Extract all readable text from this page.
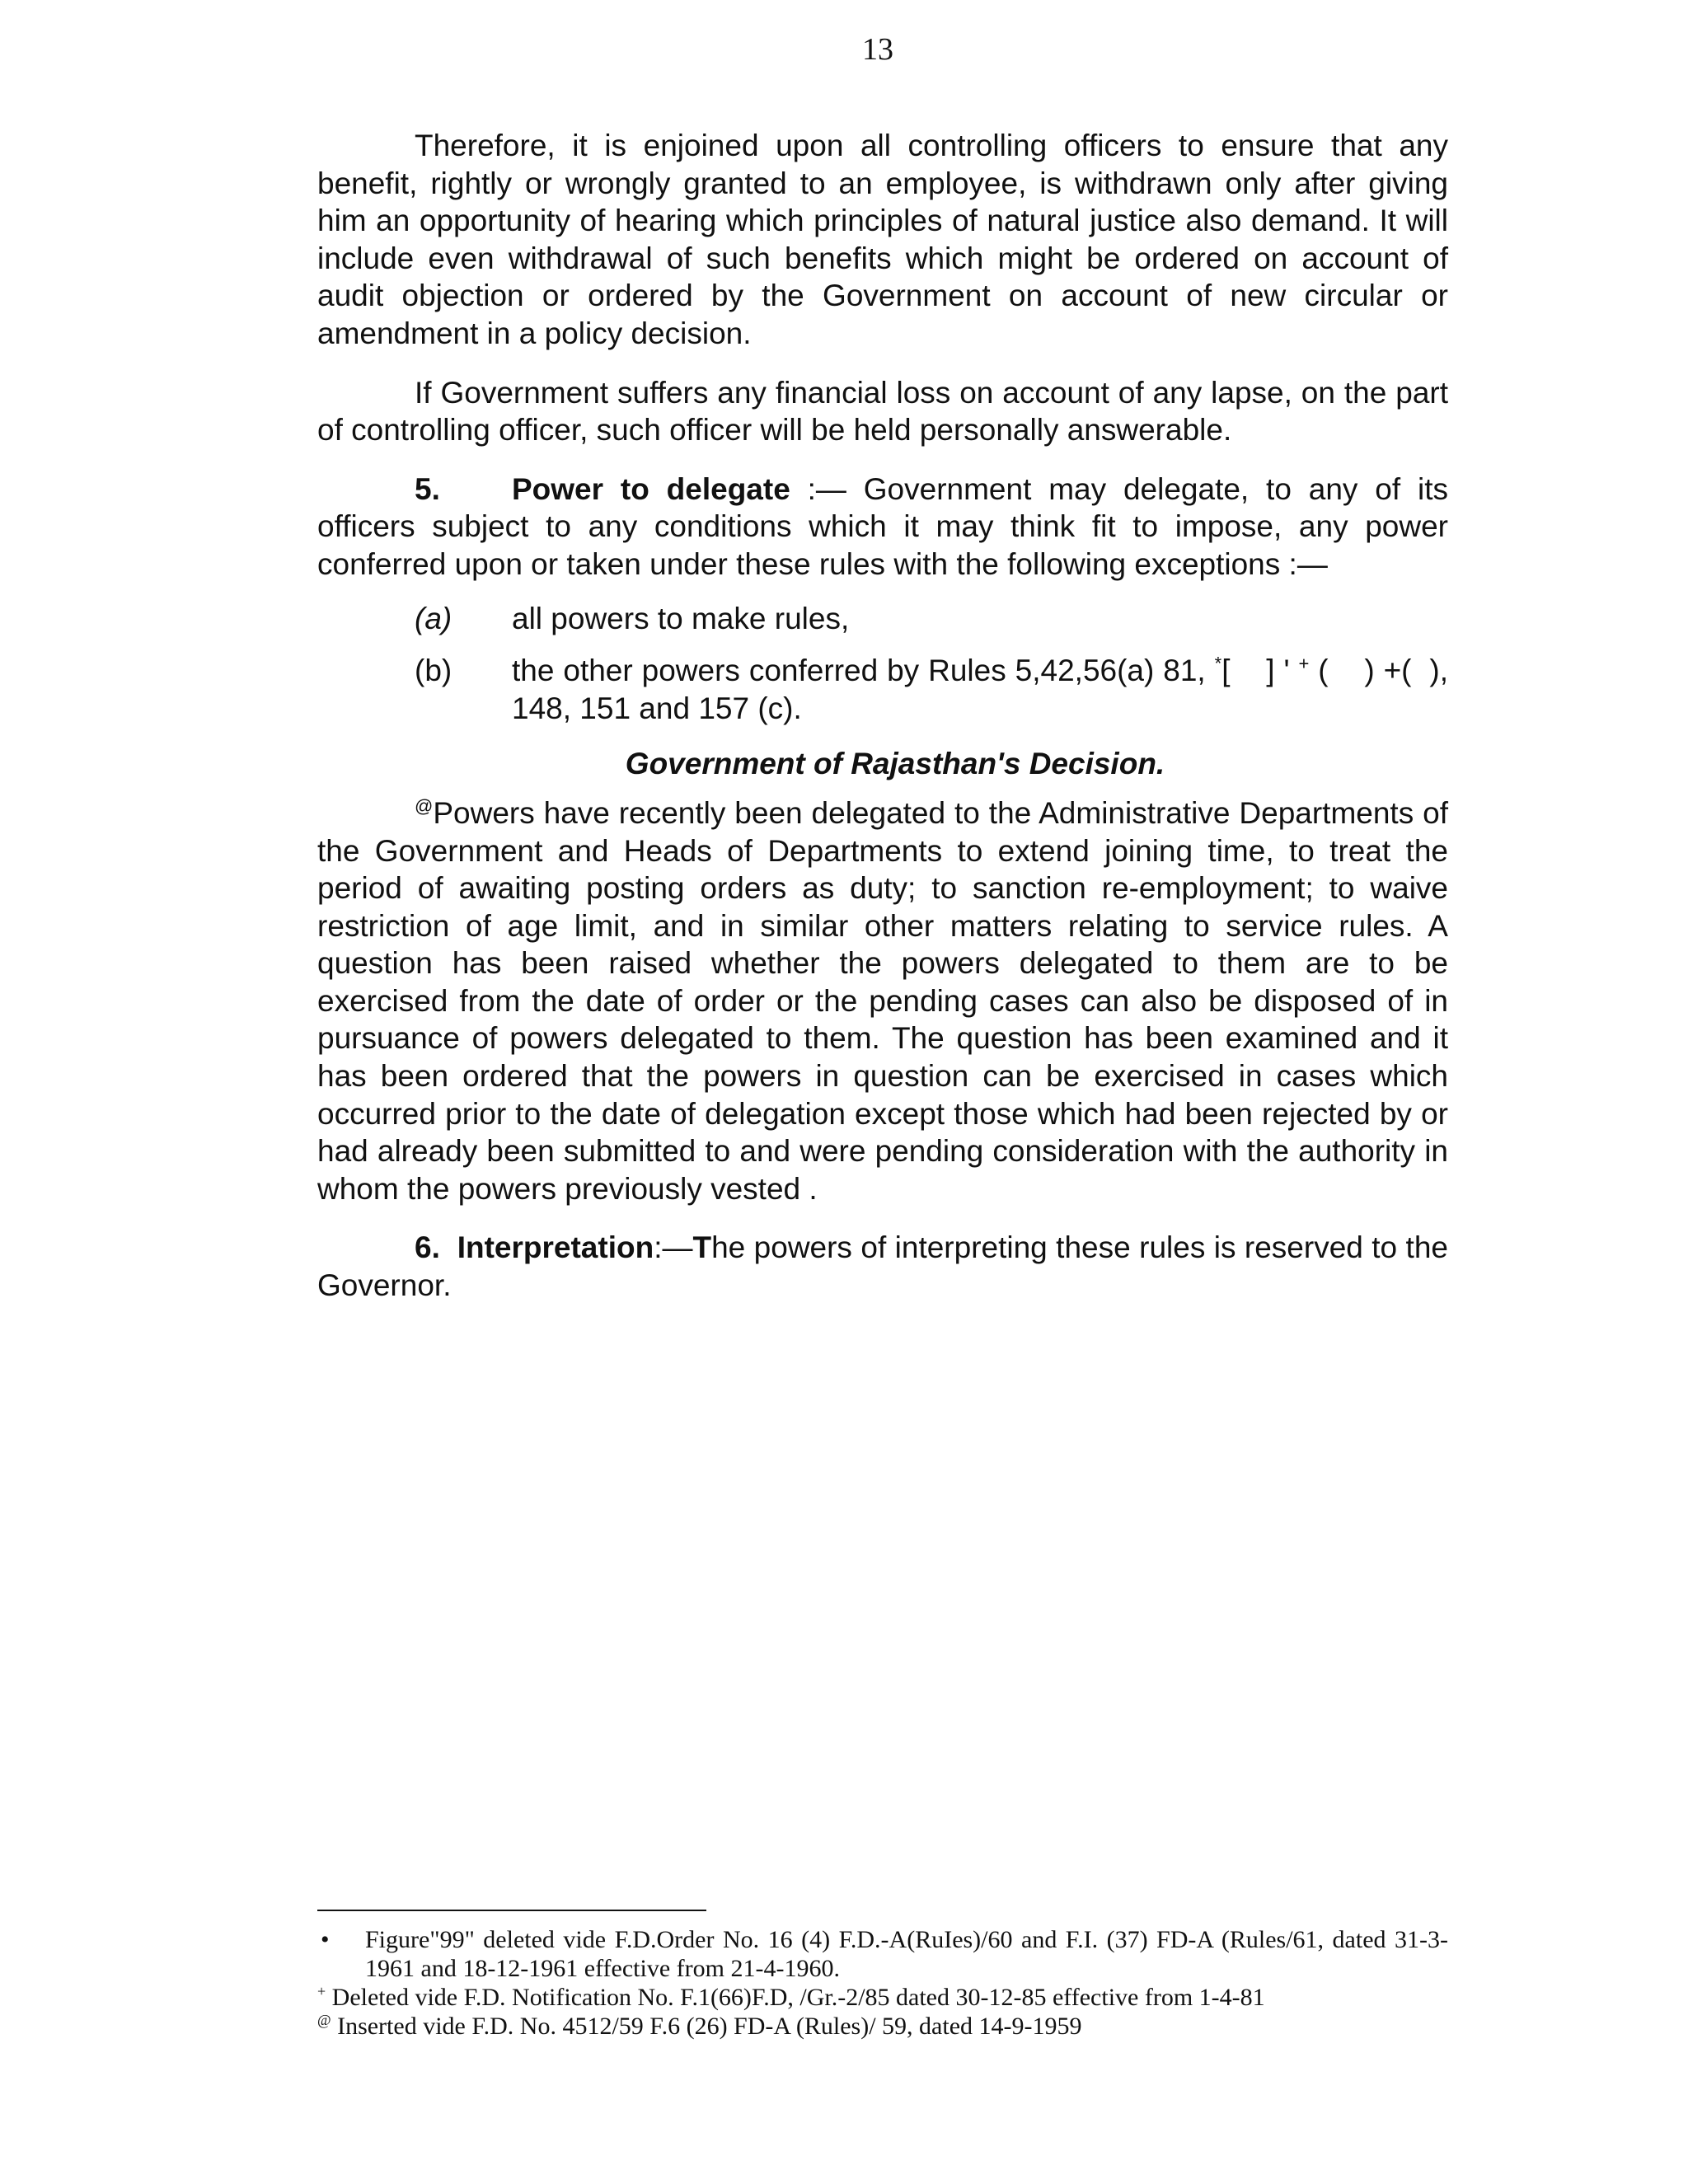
13

Therefore, it is enjoined upon all controlling officers to ensure that any benefit, rightly or wrongly granted to an employee, is withdrawn only after giving him an opportunity of hearing which principles of natural justice also demand. It will include even withdrawal of such benefits which might be ordered on account of audit objection or ordered by the Government on account of new circular or amendment in a policy decision.

If Government suffers any financial loss on account of any lapse, on the part of controlling officer, such officer will be held personally answerable.

5. Power to delegate :— Government may delegate, to any of its officers subject to any conditions which it may think fit to impose, any power conferred upon or taken under these rules with the following exceptions :—

(a)	all powers to make rules,
(b)	the other powers conferred by Rules 5,42,56(a) 81, *[    ] ' + (    ) +(  ), 148, 151 and 157 (c).
Government of Rajasthan's Decision.

@Powers have recently been delegated to the Administrative Departments of the Government and Heads of Departments to extend joining time, to treat the period of awaiting posting orders as duty; to sanction re-employment; to waive restriction of age limit, and in similar other matters relating to service rules. A question has been raised whether the powers delegated to them are to be exercised from the date of order or the pending cases can also be disposed of in pursuance of powers delegated to them. The question has been examined and it has been ordered that the powers in question can be exercised in cases which occurred prior to the date of delegation except those which had been rejected by or had already been submitted to and were pending consideration with the authority in whom the powers previously vested .

6. Interpretation:—The powers of interpreting these rules is reserved to the Governor.

•	Figure"99" deleted vide F.D.Order No. 16 (4) F.D.-A(RuIes)/60 and F.I. (37) FD-A (Rules/61, dated 31-3-1961 and 18-12-1961 effective from 21-4-1960.

+ Deleted vide F.D. Notification No. F.1(66)F.D, /Gr.-2/85 dated 30-12-85 effective from 1-4-81

@ Inserted vide F.D. No. 4512/59 F.6 (26) FD-A (Rules)/ 59, dated 14-9-1959
